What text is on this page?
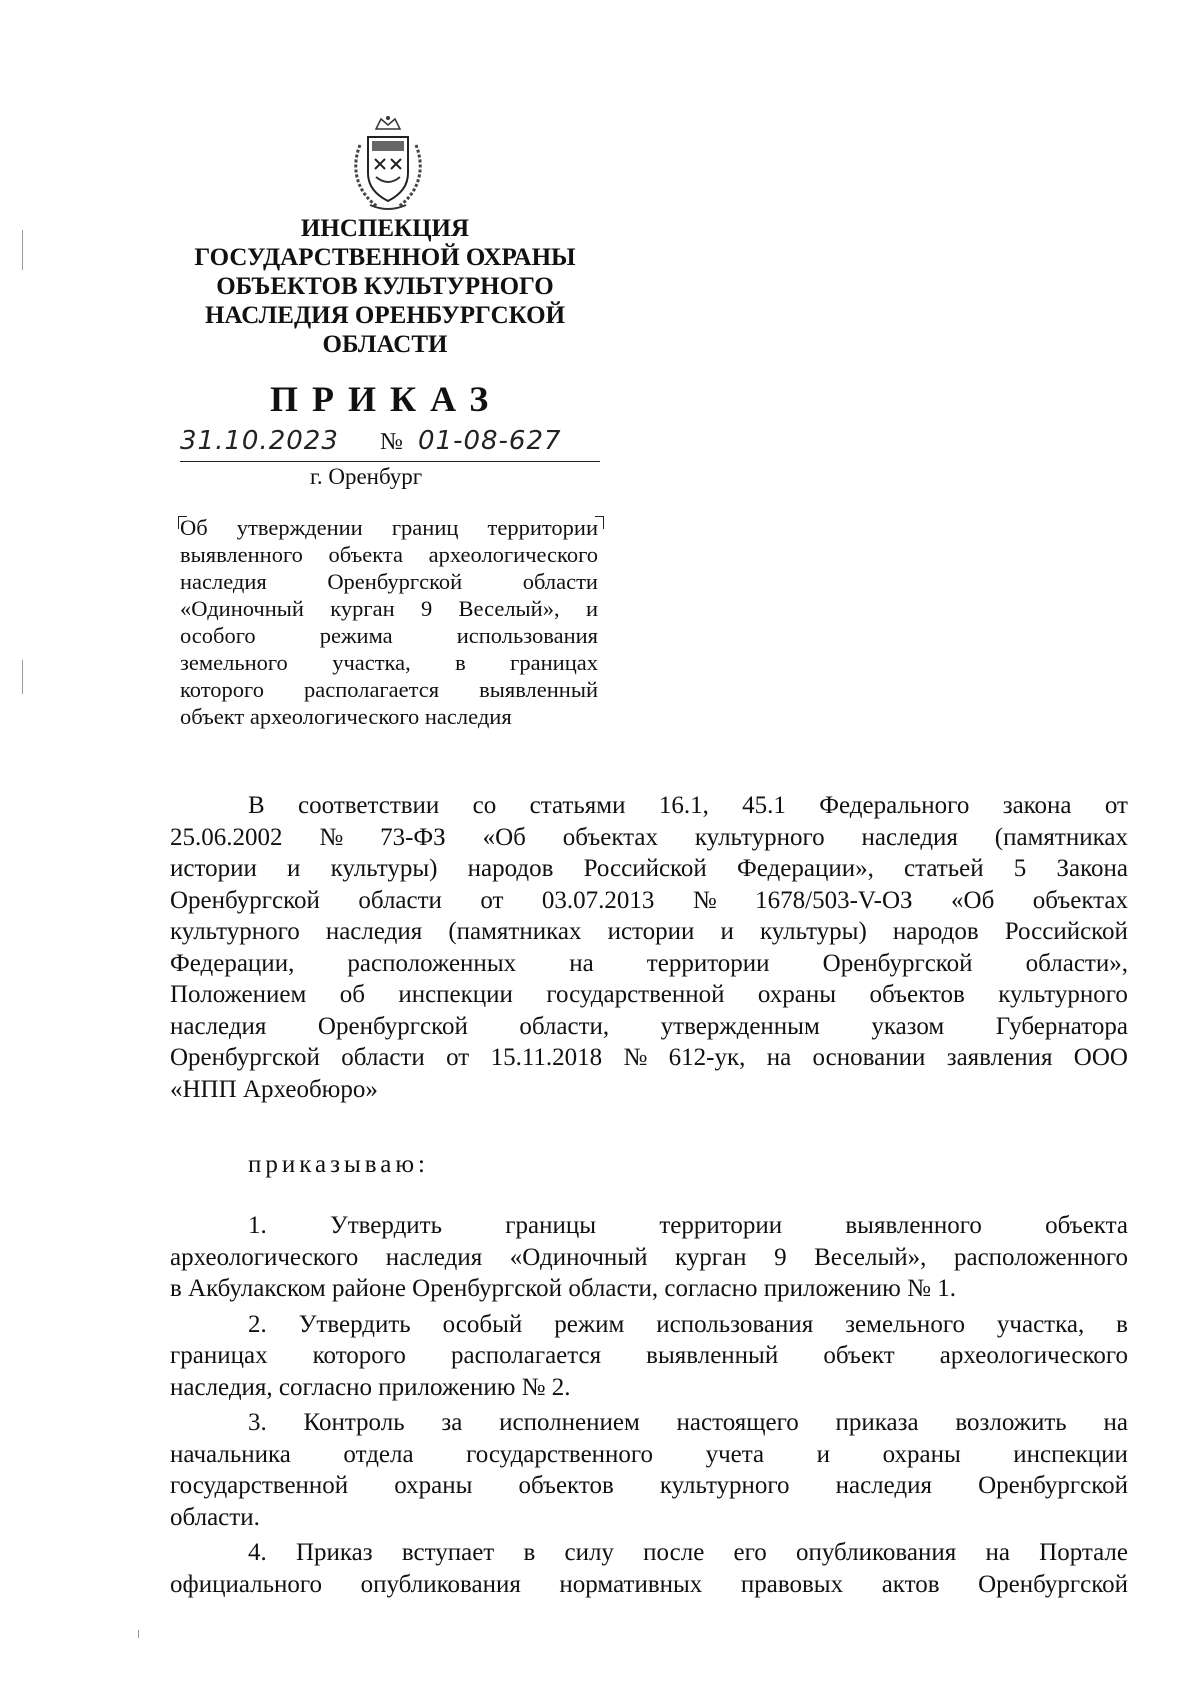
ИНСПЕКЦИЯ
ГОСУДАРСТВЕННОЙ ОХРАНЫ
ОБЪЕКТОВ КУЛЬТУРНОГО
НАСЛЕДИЯ ОРЕНБУРГСКОЙ
ОБЛАСТИ
ПРИКАЗ
31.10.2023 № 01-08-627
г. Оренбург
Об утверждении границ территории
выявленного объекта археологического
наследия	Оренбургской	области
«Одиночный курган 9 Веселый», и
особого	режима	использования
земельного участка, в границах
которого располагается выявленный
объект археологического наследия
В соответствии со статьями 16.1, 45.1 Федерального закона от
25.06.2002 № 73-ФЗ «Об объектах культурного наследия (памятниках
истории и культуры) народов Российской Федерации», статьей 5 Закона
Оренбургской области от 03.07.2013 № 1678/503-V-ОЗ «Об объектах
культурного наследия (памятниках истории и культуры) народов Российской
Федерации, расположенных на территории Оренбургской области»,
Положением об инспекции государственной охраны объектов культурного
наследия Оренбургской области, утвержденным указом Губернатора
Оренбургской области от 15.11.2018 № 612-ук, на основании заявления ООО
«НПП Археобюро»
приказываю:
1.	Утвердить	границы	территории	выявленного	объекта
археологического наследия «Одиночный курган 9 Веселый», расположенного
в Акбулакском районе Оренбургской области, согласно приложению № 1.
2. Утвердить особый режим использования земельного участка, в
границах которого располагается выявленный объект археологического
наследия, согласно приложению № 2.
3. Контроль за исполнением настоящего приказа возложить на
начальника отдела государственного учета и охраны инспекции
государственной охраны объектов культурного наследия Оренбургской
области.
4. Приказ вступает в силу после его опубликования на Портале
официального опубликования нормативных правовых актов Оренбургской
